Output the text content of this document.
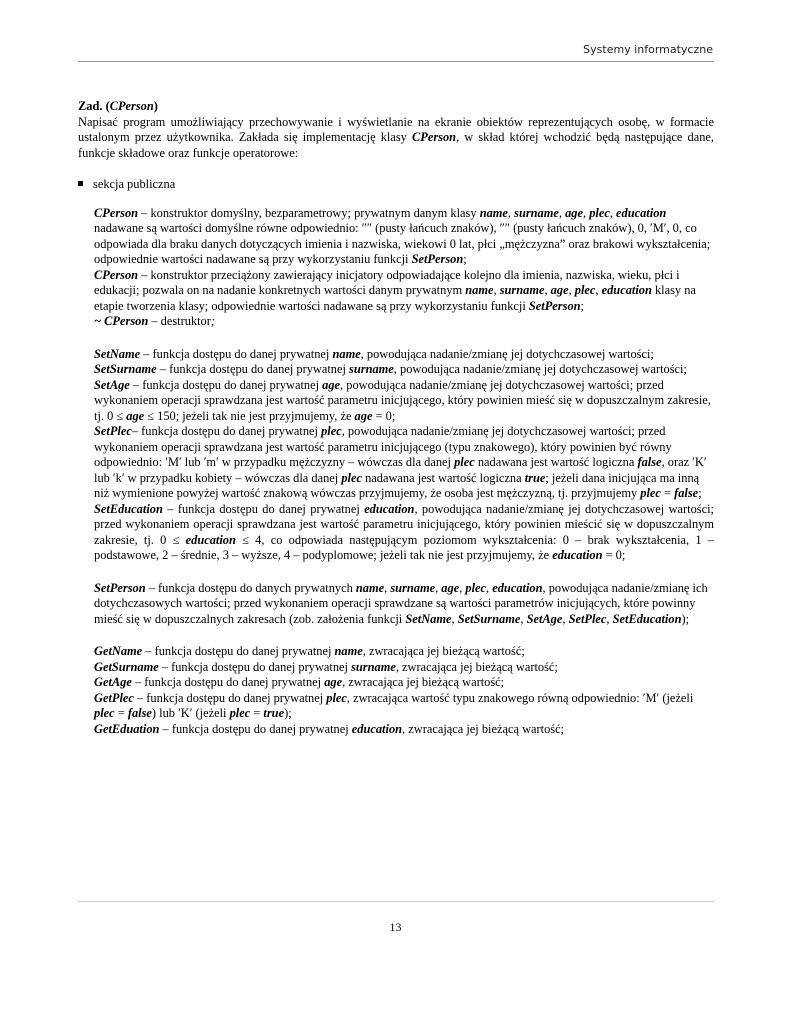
Systemy informatyczne

Zad. (CPerson)

Napisać program umożliwiający przechowywanie i wyświetlanie na ekranie obiektów reprezentujących osobę, w formacie ustalonym przez użytkownika. Zakłada się implementację klasy CPerson, w skład której wchodzić będą następujące dane, funkcje składowe oraz funkcje operatorowe:

sekcja publiczna

CPerson – konstruktor domyślny, bezparametrowy; prywatnym danym klasy name, surname, age, plec, education nadawane są wartości domyślne równe odpowiednio: ″″ (pusty łańcuch znaków), ″″ (pusty łańcuch znaków), 0, ′M′, 0, co odpowiada dla braku danych dotyczących imienia i nazwiska, wiekowi 0 lat, płci „mężczyzna” oraz brakowi wykształcenia; odpowiednie wartości nadawane są przy wykorzystaniu funkcji SetPerson;

CPerson – konstruktor przeciążony zawierający inicjatory odpowiadające kolejno dla imienia, nazwiska, wieku, płci i edukacji; pozwala on na nadanie konkretnych wartości danym prywatnym name, surname, age, plec, education klasy na etapie tworzenia klasy; odpowiednie wartości nadawane są przy wykorzystaniu funkcji SetPerson;

~ CPerson – destruktor;

SetName – funkcja dostępu do danej prywatnej name, powodująca nadanie/zmianę jej dotychczasowej wartości;

SetSurname – funkcja dostępu do danej prywatnej surname, powodująca nadanie/zmianę jej dotychczasowej wartości;

SetAge – funkcja dostępu do danej prywatnej age, powodująca nadanie/zmianę jej dotychczasowej wartości; przed wykonaniem operacji sprawdzana jest wartość parametru inicjującego, który powinien mieść się w dopuszczalnym zakresie, tj. 0 ≤ age ≤ 150; jeżeli tak nie jest przyjmujemy, że age = 0;

SetPlec– funkcja dostępu do danej prywatnej plec, powodująca nadanie/zmianę jej dotychczasowej wartości; przed wykonaniem operacji sprawdzana jest wartość parametru inicjującego (typu znakowego), który powinien być równy odpowiednio: ′M′ lub ′m′ w przypadku mężczyzny – wówczas dla danej plec nadawana jest wartość logiczna false, oraz ′K′ lub ′k′ w przypadku kobiety – wówczas dla danej plec nadawana jest wartość logiczna true; jeżeli dana inicjująca ma inną niż wymienione powyżej wartość znakową wówczas przyjmujemy, że osoba jest mężczyzną, tj. przyjmujemy plec = false;

SetEducation – funkcja dostępu do danej prywatnej education, powodująca nadanie/zmianę jej dotychczasowej wartości; przed wykonaniem operacji sprawdzana jest wartość parametru inicjującego, który powinien mieścić się w dopuszczalnym zakresie, tj. 0 ≤ education ≤ 4, co odpowiada następującym poziomom wykształcenia: 0 – brak wykształcenia, 1 – podstawowe, 2 – średnie, 3 – wyższe, 4 – podyplomowe; jeżeli tak nie jest przyjmujemy, że education = 0;

SetPerson – funkcja dostępu do danych prywatnych name, surname, age, plec, education, powodująca nadanie/zmianę ich dotychczasowych wartości; przed wykonaniem operacji sprawdzane są wartości parametrów inicjujących, które powinny mieść się w dopuszczalnych zakresach (zob. założenia funkcji SetName, SetSurname, SetAge, SetPlec, SetEducation);

GetName – funkcja dostępu do danej prywatnej name, zwracająca jej bieżącą wartość;

GetSurname – funkcja dostępu do danej prywatnej surname, zwracająca jej bieżącą wartość;

GetAge – funkcja dostępu do danej prywatnej age, zwracająca jej bieżącą wartość;

GetPlec – funkcja dostępu do danej prywatnej plec, zwracająca wartość typu znakowego równą odpowiednio: ′M′ (jeżeli plec = false) lub ′K′ (jeżeli plec = true);

GetEduation – funkcja dostępu do danej prywatnej education, zwracająca jej bieżącą wartość;

13
